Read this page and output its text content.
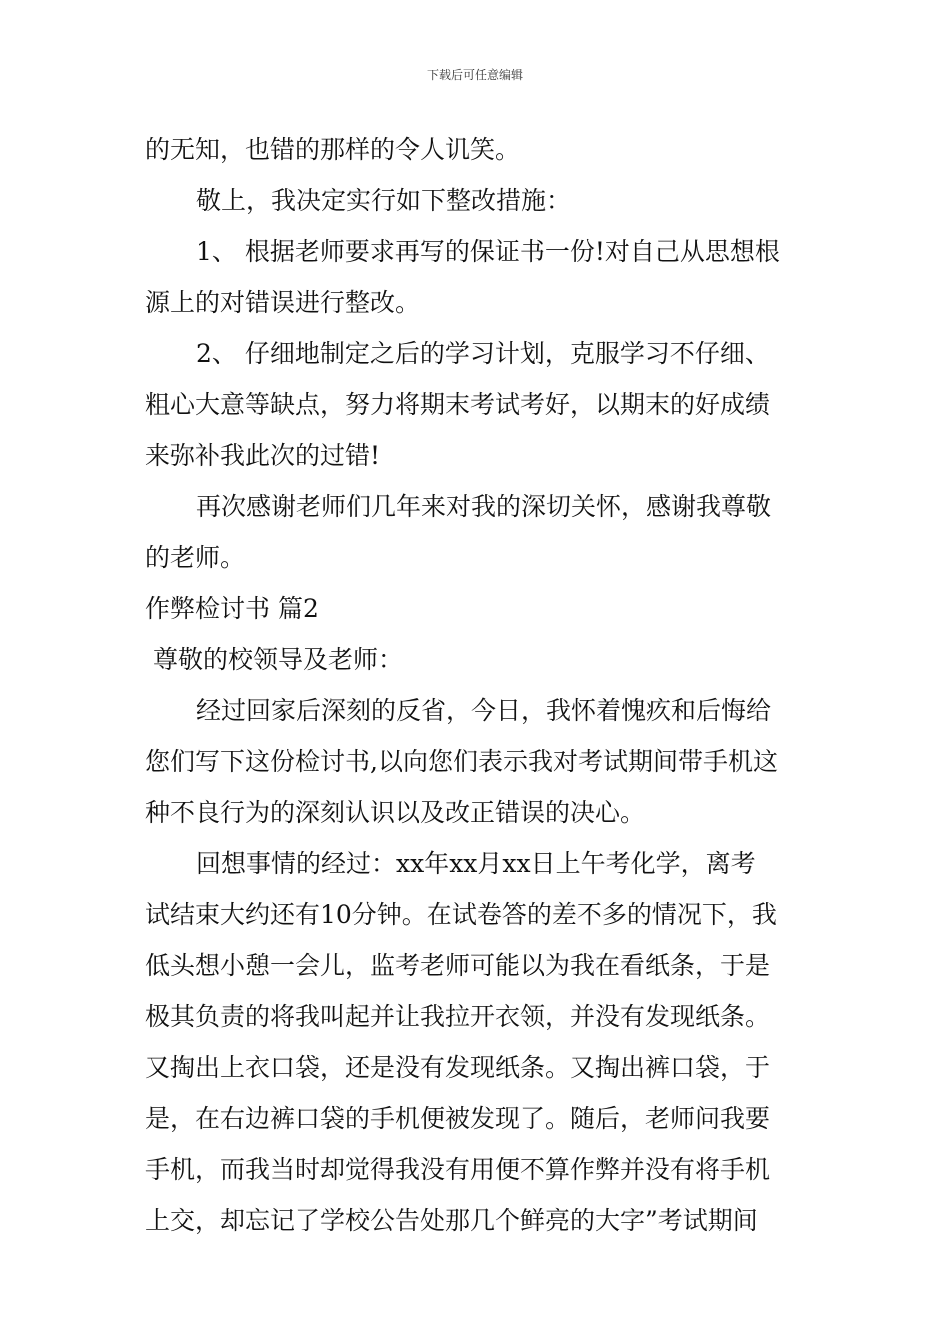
下载后可任意编辑
的无知，也错的那样的令人讥笑。
敬上，我决定实行如下整改措施：
1、 根据老师要求再写的保证书一份!对自己从思想根
源上的对错误进行整改。
2、 仔细地制定之后的学习计划，克服学习不仔细、
粗心大意等缺点，努力将期末考试考好，以期末的好成绩
来弥补我此次的过错!
再次感谢老师们几年来对我的深切关怀，感谢我尊敬
的老师。
作弊检讨书 篇2
尊敬的校领导及老师：
经过回家后深刻的反省，今日，我怀着愧疚和后悔给
您们写下这份检讨书,以向您们表示我对考试期间带手机这
种不良行为的深刻认识以及改正错误的决心。
回想事情的经过：xx年xx月xx日上午考化学，离考
试结束大约还有10分钟。在试卷答的差不多的情况下，我
低头想小憩一会儿，监考老师可能以为我在看纸条，于是
极其负责的将我叫起并让我拉开衣领，并没有发现纸条。
又掏出上衣口袋，还是没有发现纸条。又掏出裤口袋，于
是，在右边裤口袋的手机便被发现了。随后，老师问我要
手机，而我当时却觉得我没有用便不算作弊并没有将手机
上交，却忘记了学校公告处那几个鲜亮的大字”考试期间
